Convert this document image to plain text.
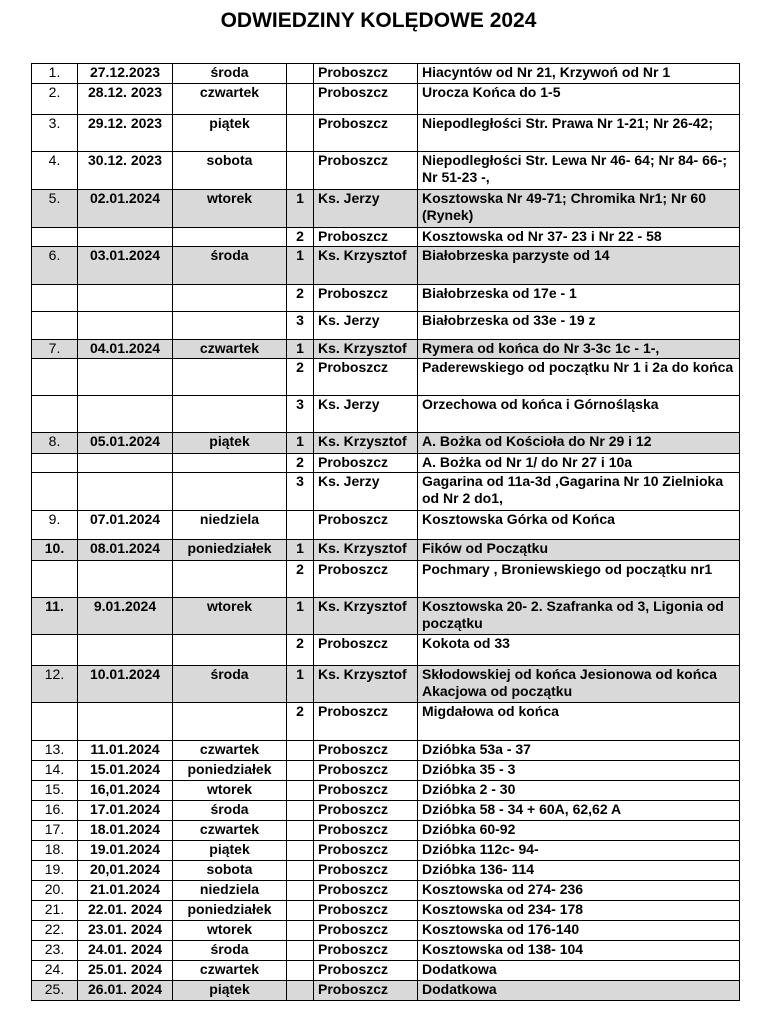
ODWIEDZINY KOLĘDOWE 2024
1.	27.12.2023	środa		Proboszcz	Hiacyntów od Nr 21, Krzywoń od Nr 1
2.	28.12. 2023	czwartek		Proboszcz	Urocza Końca do 1-5
3.	29.12. 2023	piątek		Proboszcz	Niepodległości Str. Prawa Nr 1-21; Nr 26-42;
4.	30.12. 2023	sobota		Proboszcz	Niepodległości Str. Lewa Nr 46- 64; Nr 84- 66-; Nr 51-23 -,
5.	02.01.2024	wtorek	1	Ks. Jerzy	Kosztowska Nr 49-71; Chromika Nr1; Nr 60 (Rynek)
			2	Proboszcz	Kosztowska od Nr 37- 23 i Nr 22 - 58
6.	03.01.2024	środa	1	Ks. Krzysztof	Białobrzeska parzyste od 14
			2	Proboszcz	Białobrzeska od 17e - 1
			3	Ks. Jerzy	Białobrzeska od 33e - 19 z
7.	04.01.2024	czwartek	1	Ks. Krzysztof	Rymera od końca do Nr 3-3c 1c - 1-,
			2	Proboszcz	Paderewskiego od początku Nr 1 i 2a do końca
			3	Ks. Jerzy	Orzechowa od końca i Górnośląska
8.	05.01.2024	piątek	1	Ks. Krzysztof	A. Bożka od Kościoła do Nr 29 i 12
			2	Proboszcz	A. Bożka od Nr 1/ do Nr 27 i 10a
			3	Ks. Jerzy	Gagarina od 11a-3d ,Gagarina Nr 10 Zielnioka od Nr 2 do1,
9.	07.01.2024	niedziela		Proboszcz	Kosztowska Górka od Końca
10.	08.01.2024	poniedziałek	1	Ks. Krzysztof	Fików od Początku
			2	Proboszcz	Pochmary , Broniewskiego od początku nr1
11.	9.01.2024	wtorek	1	Ks. Krzysztof	Kosztowska 20- 2. Szafranka od 3, Ligonia od początku
			2	Proboszcz	Kokota od 33
12.	10.01.2024	środa	1	Ks. Krzysztof	Skłodowskiej od końca Jesionowa od końca Akacjowa od początku
			2	Proboszcz	Migdałowa od końca
13.	11.01.2024	czwartek		Proboszcz	Dzióbka 53a - 37
14.	15.01.2024	poniedziałek		Proboszcz	Dzióbka 35 - 3
15.	16,01.2024	wtorek		Proboszcz	Dzióbka 2 - 30
16.	17.01.2024	środa		Proboszcz	Dzióbka 58 - 34 + 60A, 62,62 A
17.	18.01.2024	czwartek		Proboszcz	Dzióbka 60-92
18.	19.01.2024	piątek		Proboszcz	Dzióbka 112c- 94-
19.	20,01.2024	sobota		Proboszcz	Dzióbka 136- 114
20.	21.01.2024	niedziela		Proboszcz	Kosztowska od 274- 236
21.	22.01. 2024	poniedziałek		Proboszcz	Kosztowska od 234- 178
22.	23.01. 2024	wtorek		Proboszcz	Kosztowska od 176-140
23.	24.01. 2024	środa		Proboszcz	Kosztowska od 138- 104
24.	25.01. 2024	czwartek		Proboszcz	Dodatkowa
25.	26.01. 2024	piątek		Proboszcz	Dodatkowa
